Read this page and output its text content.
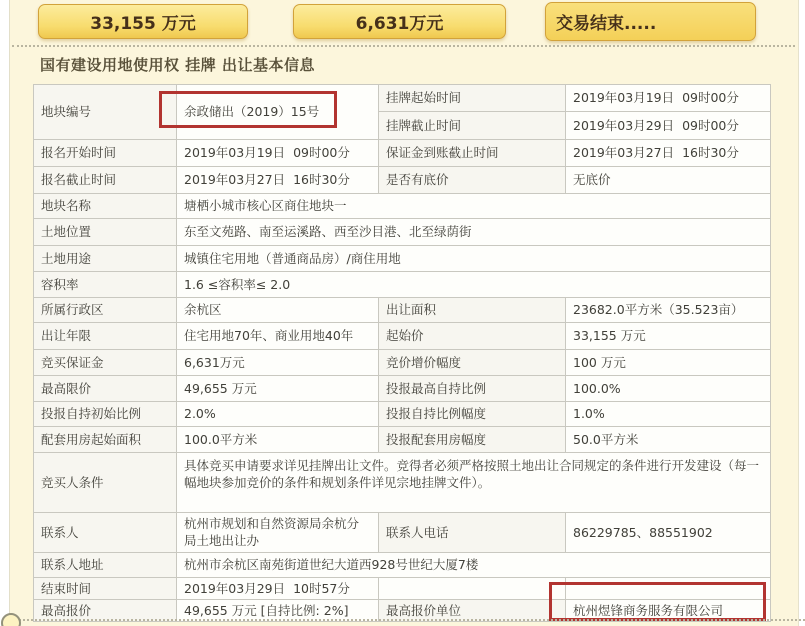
33,155 万元	6,631万元	交易结束.....
国有建设用地使用权 挂牌 出让基本信息
地块编号	余政储出（2019）15号	挂牌起始时间	2019年03月19日  09时00分
		挂牌截止时间	2019年03月29日  09时00分
报名开始时间	2019年03月19日  09时00分	保证金到账截止时间	2019年03月27日  16时30分
报名截止时间	2019年03月27日  16时30分	是否有底价	无底价
地块名称	塘栖小城市核心区商住地块一		
土地位置	东至文苑路、南至运溪路、西至沙目港、北至绿荫街		
土地用途	城镇住宅用地（普通商品房）/商住用地		
容积率	1.6 ≤容积率≤ 2.0		
所属行政区	余杭区	出让面积	23682.0平方米（35.523亩）
出让年限	住宅用地70年、商业用地40年	起始价	33,155 万元
竞买保证金	6,631万元	竞价增价幅度	100 万元
最高限价	49,655 万元	投报最高自持比例	100.0%
投报自持初始比例	2.0%	投报自持比例幅度	1.0%
配套用房起始面积	100.0平方米	投报配套用房幅度	50.0平方米
竞买人条件	具体竞买申请要求详见挂牌出让文件。竞得者必须严格按照土地出让合同规定的条件进行开发建设（每一幅地块参加竞价的条件和规划条件详见宗地挂牌文件）。		
联系人	杭州市规划和自然资源局余杭分局土地出让办	联系人电话	86229785、88551902
联系人地址	杭州市余杭区南苑街道世纪大道西928号世纪大厦7楼		
结束时间	2019年03月29日  10时57分		
最高报价	49,655 万元 [自持比例: 2%]	最高报价单位	杭州煜锋商务服务有限公司
